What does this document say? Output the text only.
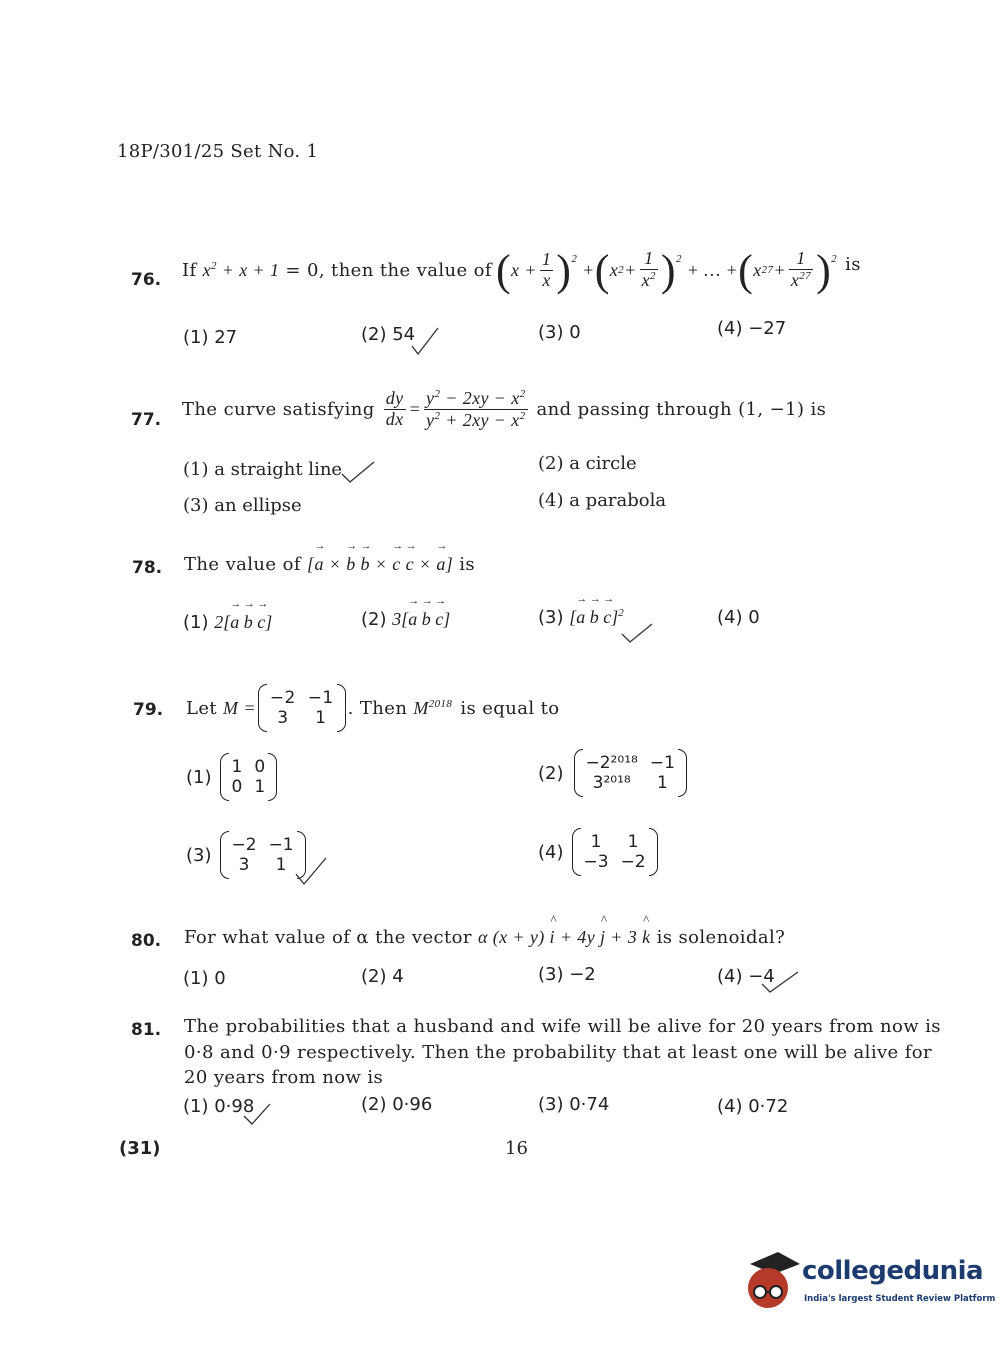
18P/301/25 Set No. 1
76. If $x^2 + x + 1 = 0$, then the value of ( $x + \frac{1}{x} )^2$
+ ( x $2 + \frac{1}{x^2} )^2$
+ … + ( x $27 + \frac{1}{x^{27}} )^2$ is
(1) 27	(2) 54	(3) 0	(4) −27
77.
The curve satisfying $\frac{dy}{dx} = \frac{y^2 - 2xy - x^2}{y^2 + 2xy - x^2}$ and passing through (1, −1) is
(1) a straight line	(2) a circle
(3) an ellipse	(4) a parabola
78. The value of [→ a × → b → b × → c → c × → a] is
(1) 2[→ a → b → c]	(2) 3[→ a → b → c]	(3) [→ a → b → c]$^2$	(4) 0
79. Let M = −2	−1
3	1 . Then $M^{2018}$ is equal to
(1) 1	0
0	1
(2) −2²⁰¹⁸	−1
3²⁰¹⁸	1
(3) −2	−1
3	1
(4) 1	1
−3	−2
80. For what value of α the vector α (x + y) ^ i + 4y ^ j + 3 ^ k is solenoidal?
(1) 0	(2) 4	(3) −2	(4) −4
81. The probabilities that a husband and wife will be alive for 20 years from now is
0·8 and 0·9 respectively. Then the probability that at least one will be alive for
20 years from now is
(1) 0·98	(2) 0·96	(3) 0·74	(4) 0·72
(31)	16
collegedunia
India's largest Student Review Platform
